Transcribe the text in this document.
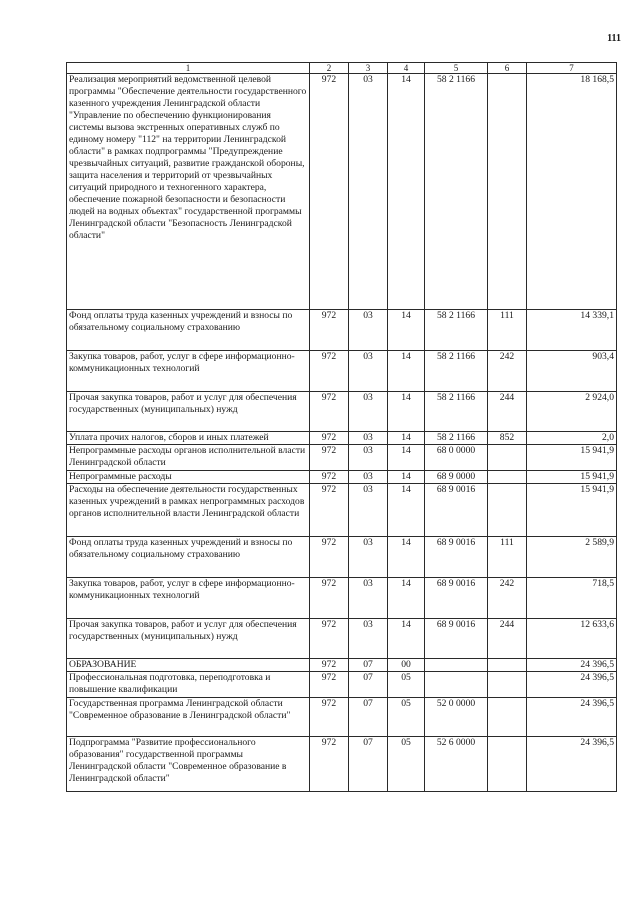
111
1	2	3	4	5	6	7
Реализация мероприятий ведомственной целевой программы "Обеспечение деятельности государственного казенного учреждения Ленинградской области "Управление по обеспечению функционирования системы вызова экстренных оперативных служб по единому номеру "112" на территории Ленинградской области" в рамках подпрограммы "Предупреждение чрезвычайных ситуаций, развитие гражданской обороны, защита населения и территорий от чрезвычайных ситуаций природного и техногенного характера, обеспечение пожарной безопасности и безопасности людей на водных объектах" государственной программы Ленинградской области "Безопасность Ленинградской области"	972	03	14	58 2 1166		18 168,5
Фонд оплаты труда казенных учреждений и взносы по обязательному социальному страхованию	972	03	14	58 2 1166	111	14 339,1
Закупка товаров, работ, услуг в сфере информационно-коммуникационных технологий	972	03	14	58 2 1166	242	903,4
Прочая закупка товаров, работ и услуг для обеспечения государственных (муниципальных) нужд	972	03	14	58 2 1166	244	2 924,0
Уплата прочих налогов, сборов и иных платежей	972	03	14	58 2 1166	852	2,0
Непрограммные расходы органов исполнительной власти Ленинградской области	972	03	14	68 0 0000		15 941,9
Непрограммные расходы	972	03	14	68 9 0000		15 941,9
Расходы на обеспечение деятельности государственных казенных учреждений в рамках непрограммных расходов органов исполнительной власти Ленинградской области	972	03	14	68 9 0016		15 941,9
Фонд оплаты труда казенных учреждений и взносы по обязательному социальному страхованию	972	03	14	68 9 0016	111	2 589,9
Закупка товаров, работ, услуг в сфере информационно-коммуникационных технологий	972	03	14	68 9 0016	242	718,5
Прочая закупка товаров, работ и услуг для обеспечения государственных (муниципальных) нужд	972	03	14	68 9 0016	244	12 633,6
ОБРАЗОВАНИЕ	972	07	00			24 396,5
Профессиональная подготовка, переподготовка и повышение квалификации	972	07	05			24 396,5
Государственная программа Ленинградской области "Современное образование в Ленинградской области"	972	07	05	52 0 0000		24 396,5
Подпрограмма "Развитие профессионального образования" государственной программы Ленинградской области "Современное образование в Ленинградской области"	972	07	05	52 6 0000		24 396,5
